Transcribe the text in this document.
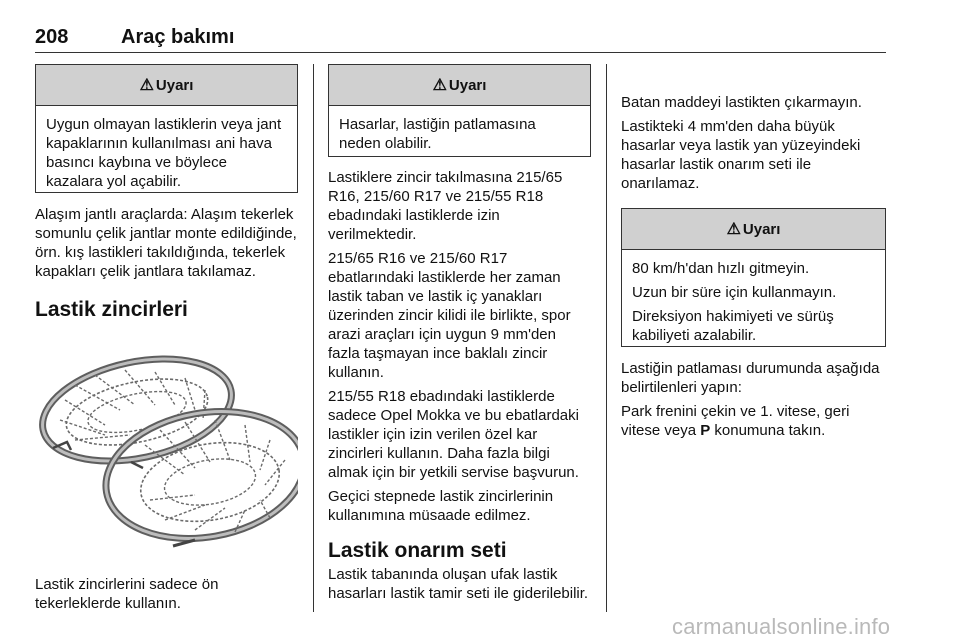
208	Araç bakımı
⚠ Uyarı

Uygun olmayan lastiklerin veya jant kapaklarının kullanılması ani hava basıncı kaybına ve böylece kazalara yol açabilir.

Alaşım jantlı araçlarda: Alaşım tekerlek somunlu çelik jantlar monte edildiğinde, örn. kış lastikleri takıldığında, tekerlek kapakları çelik jantlara takılamaz.

Lastik zincirleri

Lastik zincirlerini sadece ön tekerleklerde kullanın.

⚠ Uyarı

Hasarlar, lastiğin patlamasına neden olabilir.

Lastiklere zincir takılmasına 215/65 R16, 215/60 R17 ve 215/55 R18 ebadındaki lastiklerde izin verilmektedir.

215/65 R16 ve 215/60 R17 ebatlarındaki lastiklerde her zaman lastik taban ve lastik iç yanakları üzerinden zincir kilidi ile birlikte, spor arazi araçları için uygun 9 mm'den fazla taşmayan ince baklalı zincir kullanın.

215/55 R18 ebadındaki lastiklerde sadece Opel Mokka ve bu ebatlardaki lastikler için izin verilen özel kar zincirleri kullanın. Daha fazla bilgi almak için bir yetkili servise başvurun.

Geçici stepnede lastik zincirlerinin kullanımına müsaade edilmez.

Lastik onarım seti

Lastik tabanında oluşan ufak lastik hasarları lastik tamir seti ile giderilebilir.

Batan maddeyi lastikten çıkarmayın.

Lastikteki 4 mm'den daha büyük hasarlar veya lastik yan yüzeyindeki hasarlar lastik onarım seti ile onarılamaz.

⚠ Uyarı

80 km/h'dan hızlı gitmeyin.

Uzun bir süre için kullanmayın.

Direksiyon hakimiyeti ve sürüş kabiliyeti azalabilir.

Lastiğin patlaması durumunda aşağıda belirtilenleri yapın:

Park frenini çekin ve 1. vitese, geri vitese veya P konumuna takın.

carmanualsonline.info
